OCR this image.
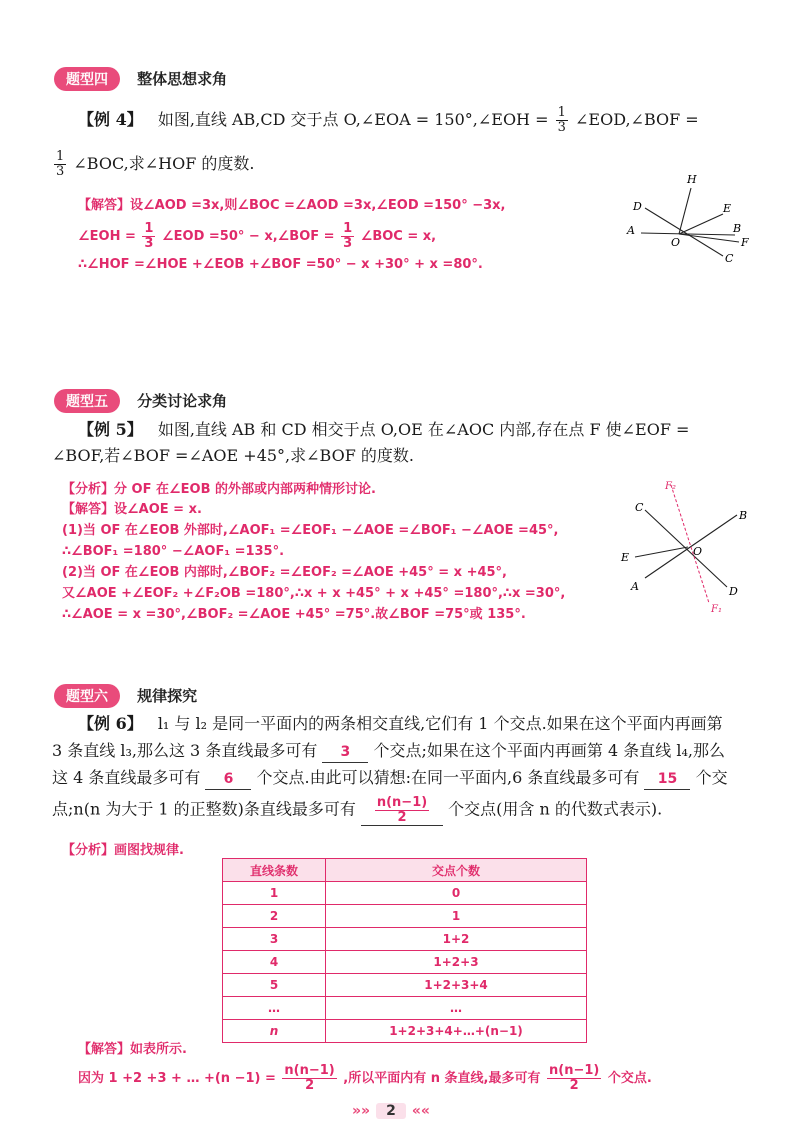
题型四 整体思想求角
【例 4】 如图,直线 AB,CD 交于点 O,∠EOA = 150°,∠EOH = $\frac{1}{3}$ ∠EOD,∠BOF =
$\frac{1}{3}$ ∠BOC,求∠HOF 的度数.
【解答】设∠AOD =3x,则∠BOC =∠AOD =3x,∠EOD =150° −3x,
∠EOH = $\frac{1}{3}$ ∠EOD =50° − x,∠BOF = $\frac{1}{3}$ ∠BOC = x,
∴∠HOF =∠HOE +∠EOB +∠BOF =50° − x +30° + x =80°.
H
D	E
A
O
B
F
C
题型五 分类讨论求角
【例 5】 如图,直线 AB 和 CD 相交于点 O,OE 在∠AOC 内部,存在点 F 使∠EOF =
∠BOF,若∠BOF =∠AOE +45°,求∠BOF 的度数.
【分析】分 OF 在∠EOB 的外部或内部两种情形讨论.
【解答】设∠AOE = x.
(1)当 OF 在∠EOB 外部时,∠AOF₁ =∠EOF₁ −∠AOE =∠BOF₁ −∠AOE =45°,
∴∠BOF₁ =180° −∠AOF₁ =135°.
(2)当 OF 在∠EOB 内部时,∠BOF₂ =∠EOF₂ =∠AOE +45° = x +45°,
又∠AOE +∠EOF₂ +∠F₂OB =180°,∴x + x +45° + x +45° =180°,∴x =30°,
∴∠AOE = x =30°,∠BOF₂ =∠AOE +45° =75°.故∠BOF =75°或 135°.
F₂
C
B
E	O
A	D
F₁
题型六 规律探究
【例 6】 l₁ 与 l₂ 是同一平面内的两条相交直线,它们有 1 个交点.如果在这个平面内再画第
3 条直线 l₃,那么这 3 条直线最多可有 3 个交点;如果在这个平面内再画第 4 条直线 l₄,那么
这 4 条直线最多可有 6 个交点.由此可以猜想:在同一平面内,6 条直线最多可有 15 个交
点;n(n 为大于 1 的正整数)条直线最多可有 $\frac{n(n-1)}{2}$ 个交点(用含 n 的代数式表示).
【分析】画图找规律.
直线条数	交点个数
1	0
2	1
3	1+2
4	1+2+3
5	1+2+3+4
…	…
n	1+2+3+4+…+(n−1)
【解答】如表所示.
因为 1 +2 +3 + … $+(n -1) = \frac{n(n-1)}{2}$ ,所以平面内有 n 条直线,最多可有 $\frac{n(n-1)}{2}$ 个交点.
»»	2	««
